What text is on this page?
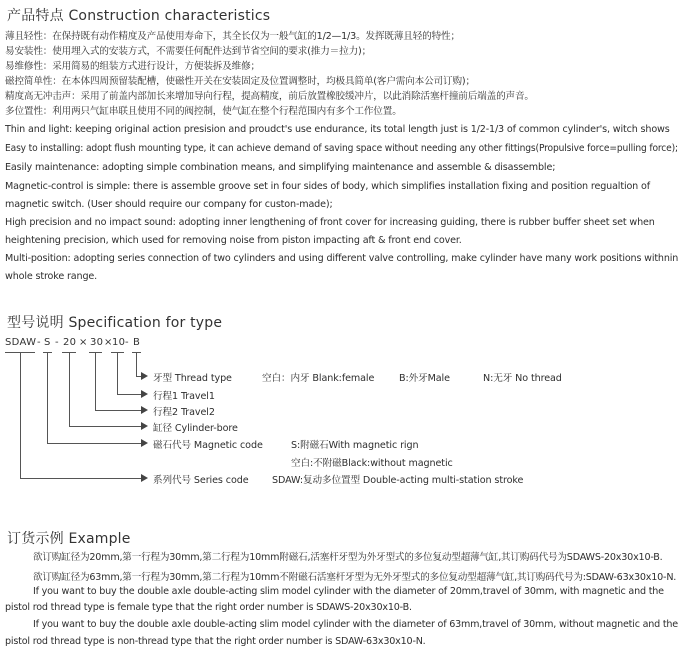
产品特点 Construction characteristics
薄且轻性：在保持既有动作精度及产品使用寿命下，其全长仅为一般气缸的1/2—1/3。发挥既薄且轻的特性；
易安装性：使用埋入式的安装方式，不需要任何配件达到节省空间的要求(推力＝拉力)；
易维修性：采用简易的组装方式进行设计，方便装拆及维修；
磁控简单性：在本体四周预留装配槽，使磁性开关在安装固定及位置调整时，均极具简单(客户需向本公司订购)；
精度高无冲击声：采用了前盖内部加长来增加导向行程，提高精度，前后放置橡胶缓冲片，以此消除活塞杆撞前后端盖的声音。
多位置性：利用两只气缸串联且使用不同的阀控制，使气缸在整个行程范围内有多个工作位置。
Thin and light: keeping original action presision and proudct's use endurance, its total length just is 1/2-1/3 of common cylinder's, witch shows
Easy to installing: adopt flush mounting type, it can achieve demand of saving space without needing any other fittings(Propulsive force=pulling force);
Easily maintenance: adopting simple combination means, and simplifying maintenance and assemble & disassemble;
Magnetic-control is simple: there is assemble groove set in four sides of body, which simplifies installation fixing and position regualtion of
magnetic switch. (User should require our company for custon-made);
High precision and no impact sound: adopting inner lengthening of front cover for increasing guiding, there is rubber buffer sheet set when
heightening precision, which used for removing noise from piston impacting aft & front end cover.
Multi-position: adopting series connection of two cylinders and using different valve controlling, make cylinder have many work positions withnin
whole stroke range.
型号说明 Specification for type
SDAW - S - 20 × 30 × 10 - B
牙型 Thread type	空白：内牙 Blank:female	B:外牙Male	N:无牙 No thread
行程1 Travel1
行程2 Travel2
缸径 Cylinder-bore
磁石代号 Magnetic code	S:附磁石With magnetic rign
空白:不附磁Black:without magnetic
系列代号 Series code SDAW:复动多位置型 Double-acting multi-station stroke
订货示例 Example
欲订购缸径为20mm,第一行程为30mm,第二行程为10mm附磁石,活塞杆牙型为外牙型式的多位复动型超薄气缸,其订购码代号为SDAWS-20x30x10-B.
欲订购缸径为63mm,第一行程为30mm,第二行程为10mm不附磁石活塞杆牙型为无外牙型式的多位复动型超薄气缸,其订购码代号为:SDAW-63x30x10-N.
If you want to buy the double axle double-acting slim model cylinder with the diameter of 20mm,travel of 30mm, with magnetic and the
pistol rod thread type is female type that the right order number is SDAWS-20x30x10-B.
If you want to buy the double axle double-acting slim model cylinder with the diameter of 63mm,travel of 30mm, without magnetic and the
pistol rod thread type is non-thread type that the right order number is SDAW-63x30x10-N.
